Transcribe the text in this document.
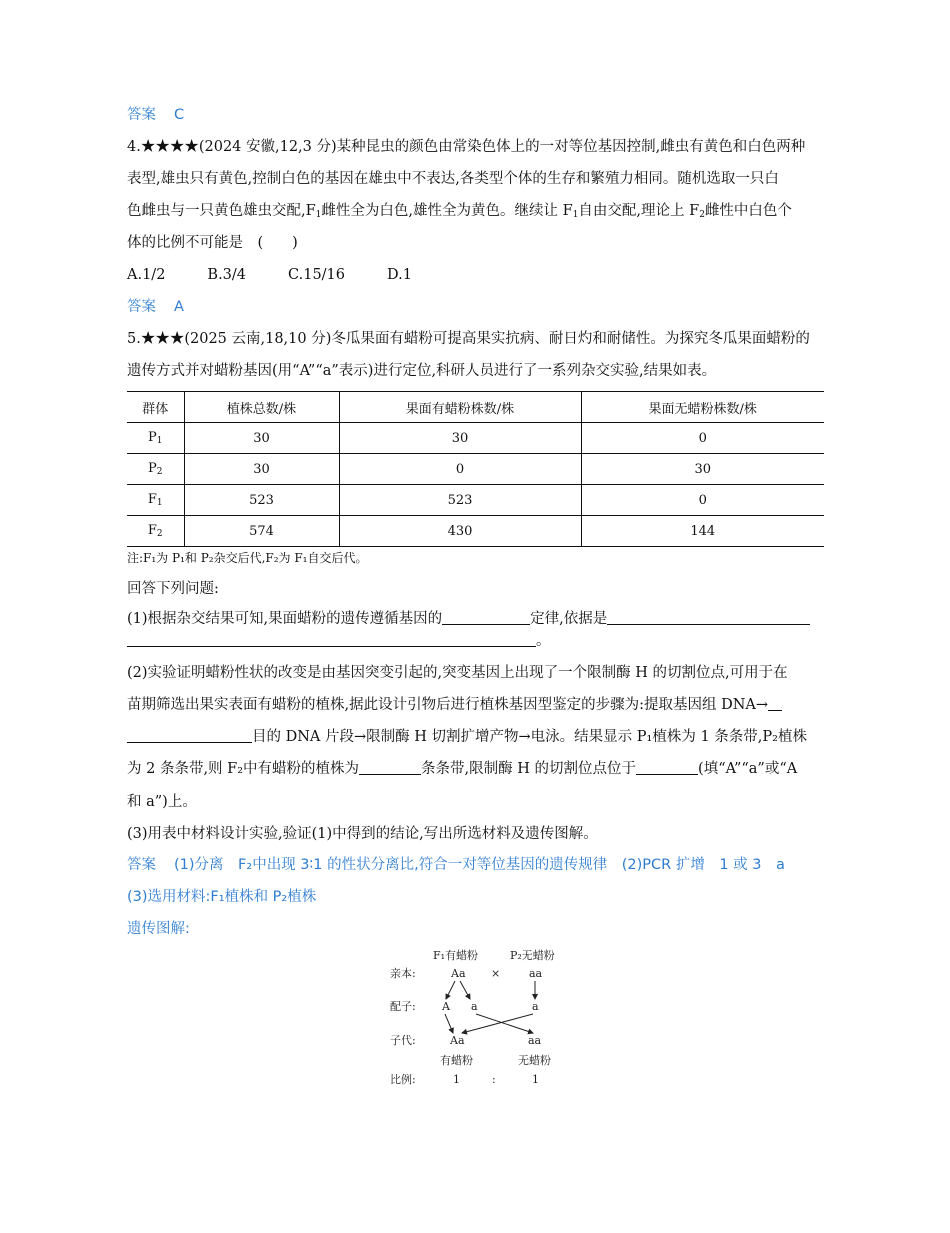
答案 C
4.★★★★(2024 安徽,12,3 分)某种昆虫的颜色由常染色体上的一对等位基因控制,雌虫有黄色和白色两种
表型,雄虫只有黄色,控制白色的基因在雄虫中不表达,各类型个体的生存和繁殖力相同。随机选取一只白
色雌虫与一只黄色雄虫交配$,F_1$雌性全为白色,雄性全为黄色。继续让 $F_1$自由交配,理论上 $F_2$雌性中白色个
体的比例不可能是　(　　)
A.1/2	B.3/4	C.15/16	D.1
答案 A
5.★★★(2025 云南,18,10 分)冬瓜果面有蜡粉可提高果实抗病、耐日灼和耐储性。为探究冬瓜果面蜡粉的
遗传方式并对蜡粉基因(用“A”“a”表示)进行定位,科研人员进行了一系列杂交实验,结果如表。
群体	植株总数/株	果面有蜡粉株数/株	果面无蜡粉株数/株
$P_1$	30	30	0
$P_2$	30	0	30
$F_1$	523	523	0
$F_2$	574	430	144
注:F₁为 P₁和 P₂杂交后代,F₂为 F₁自交后代。
回答下列问题:
(1)根据杂交结果可知,果面蜡粉的遗传遵循基因的	定律,依据是
。
(2)实验证明蜡粉性状的改变是由基因突变引起的,突变基因上出现了一个限制酶 H 的切割位点,可用于在
苗期筛选出果实表面有蜡粉的植株,据此设计引物后进行植株基因型鉴定的步骤为:提取基因组 DNA→
目的 DNA 片段→限制酶 H 切割扩增产物→电泳。结果显示 P₁植株为 1 条条带,P₂植株
为 2 条条带,则 F₂中有蜡粉的植株为	条条带,限制酶 H 的切割位点位于	(填“A”“a”或“A
和 a”)上。
(3)用表中材料设计实验,验证(1)中得到的结论,写出所选材料及遗传图解。
答案 (1)分离　F₂中出现 3∶1 的性状分离比,符合一对等位基因的遗传规律　(2)PCR 扩增　1 或 3　a
(3)选用材料:F₁植株和 P₂植株
遗传图解:
F₁有蜡粉	P₂无蜡粉
亲本:	Aa ×	aa
配子: A a	a
子代:	Aa	aa
有蜡粉	无蜡粉
比例:	1	:	1
